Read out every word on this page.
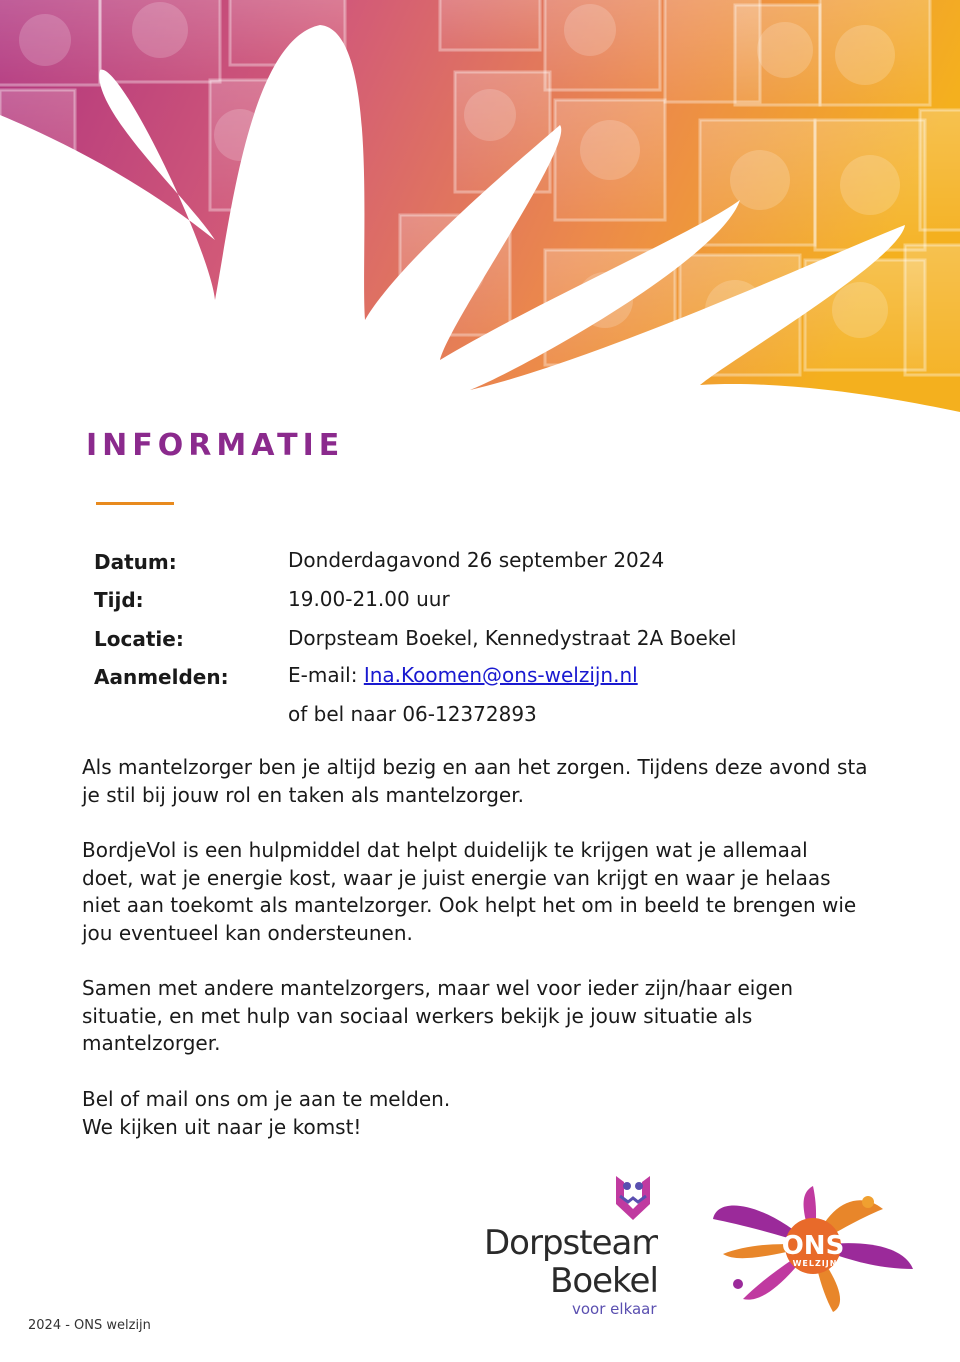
INFORMATIE
Datum:	Donderdagavond 26 september 2024
Tijd:	19.00-21.00 uur
Locatie:	Dorpsteam Boekel, Kennedystraat 2A Boekel
Aanmelden:	E-mail: Ina.Koomen@ons-welzijn.nl
of bel naar 06-12372893
Als mantelzorger ben je altijd bezig en aan het zorgen. Tijdens deze avond sta
je stil bij jouw rol en taken als mantelzorger.
BordjeVol is een hulpmiddel dat helpt duidelijk te krijgen wat je allemaal
doet, wat je energie kost, waar je juist energie van krijgt en waar je helaas
niet aan toekomt als mantelzorger. Ook helpt het om in beeld te brengen wie
jou eventueel kan ondersteunen.
Samen met andere mantelzorgers, maar wel voor ieder zijn/haar eigen
situatie, en met hulp van sociaal werkers bekijk je jouw situatie als
mantelzorger.
Bel of mail ons om je aan te melden.
We kijken uit naar je komst!
Dorpsteam
Boekel
voor elkaar
ONS
WELZIJN
2024 - ONS welzijn
